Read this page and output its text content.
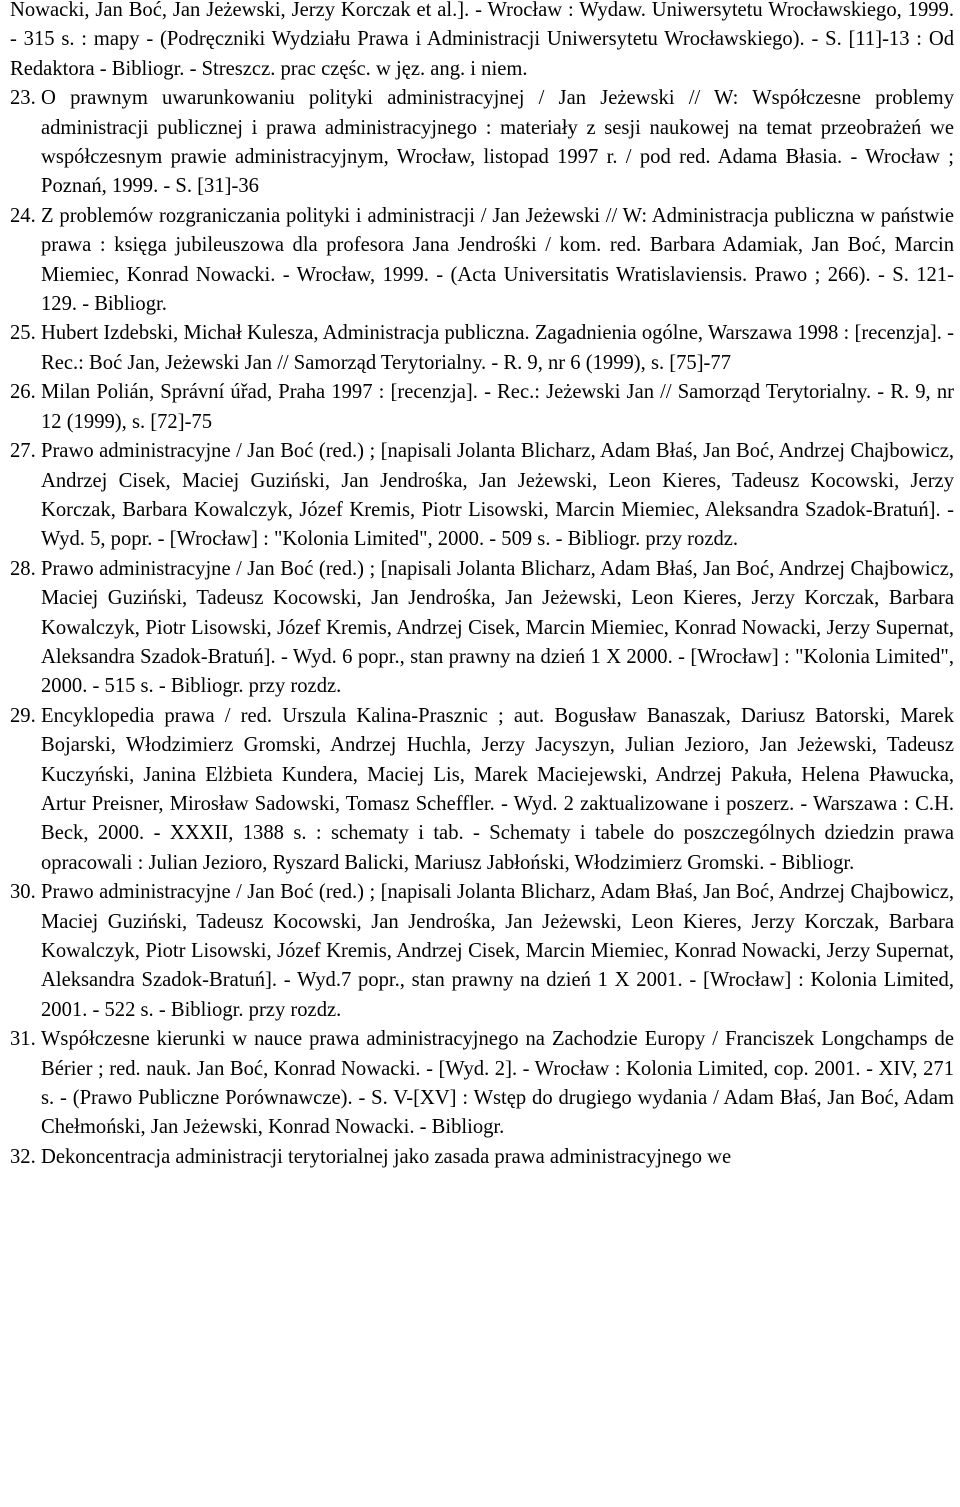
Nowacki, Jan Boć, Jan Jeżewski, Jerzy Korczak et al.]. - Wrocław : Wydaw. Uniwersytetu Wrocławskiego, 1999. - 315 s. : mapy - (Podręczniki Wydziału Prawa i Administracji Uniwersytetu Wrocławskiego). - S. [11]-13 : Od Redaktora - Bibliogr. - Streszcz. prac częśc. w jęz. ang. i niem.
23. O prawnym uwarunkowaniu polityki administracyjnej / Jan Jeżewski // W: Współczesne problemy administracji publicznej i prawa administracyjnego : materiały z sesji naukowej na temat przeobrażeń we współczesnym prawie administracyjnym, Wrocław, listopad 1997 r. / pod red. Adama Błasia. - Wrocław ; Poznań, 1999. - S. [31]-36
24. Z problemów rozgraniczania polityki i administracji / Jan Jeżewski // W: Administracja publiczna w państwie prawa : księga jubileuszowa dla profesora Jana Jendrośki / kom. red. Barbara Adamiak, Jan Boć, Marcin Miemiec, Konrad Nowacki. - Wrocław, 1999. - (Acta Universitatis Wratislaviensis. Prawo ; 266). - S. 121-129. - Bibliogr.
25. Hubert Izdebski, Michał Kulesza, Administracja publiczna. Zagadnienia ogólne, Warszawa 1998 : [recenzja]. - Rec.: Boć Jan, Jeżewski Jan // Samorząd Terytorialny. - R. 9, nr 6 (1999), s. [75]-77
26. Milan Polián, Správní úřad, Praha 1997 : [recenzja]. - Rec.: Jeżewski Jan // Samorząd Terytorialny. - R. 9, nr 12 (1999), s. [72]-75
27. Prawo administracyjne / Jan Boć (red.) ; [napisali Jolanta Blicharz, Adam Błaś, Jan Boć, Andrzej Chajbowicz, Andrzej Cisek, Maciej Guziński, Jan Jendrośka, Jan Jeżewski, Leon Kieres, Tadeusz Kocowski, Jerzy Korczak, Barbara Kowalczyk, Józef Kremis, Piotr Lisowski, Marcin Miemiec, Aleksandra Szadok-Bratuń]. - Wyd. 5, popr. - [Wrocław] : "Kolonia Limited", 2000. - 509 s. - Bibliogr. przy rozdz.
28. Prawo administracyjne / Jan Boć (red.) ; [napisali Jolanta Blicharz, Adam Błaś, Jan Boć, Andrzej Chajbowicz, Maciej Guziński, Tadeusz Kocowski, Jan Jendrośka, Jan Jeżewski, Leon Kieres, Jerzy Korczak, Barbara Kowalczyk, Piotr Lisowski, Józef Kremis, Andrzej Cisek, Marcin Miemiec, Konrad Nowacki, Jerzy Supernat, Aleksandra Szadok-Bratuń]. - Wyd. 6 popr., stan prawny na dzień 1 X 2000. - [Wrocław] : "Kolonia Limited", 2000. - 515 s. - Bibliogr. przy rozdz.
29. Encyklopedia prawa / red. Urszula Kalina-Prasznic ; aut. Bogusław Banaszak, Dariusz Batorski, Marek Bojarski, Włodzimierz Gromski, Andrzej Huchla, Jerzy Jacyszyn, Julian Jezioro, Jan Jeżewski, Tadeusz Kuczyński, Janina Elżbieta Kundera, Maciej Lis, Marek Maciejewski, Andrzej Pakuła, Helena Pławucka, Artur Preisner, Mirosław Sadowski, Tomasz Scheffler. - Wyd. 2 zaktualizowane i poszerz. - Warszawa : C.H. Beck, 2000. - XXXII, 1388 s. : schematy i tab. - Schematy i tabele do poszczególnych dziedzin prawa opracowali : Julian Jezioro, Ryszard Balicki, Mariusz Jabłoński, Włodzimierz Gromski. - Bibliogr.
30. Prawo administracyjne / Jan Boć (red.) ; [napisali Jolanta Blicharz, Adam Błaś, Jan Boć, Andrzej Chajbowicz, Maciej Guziński, Tadeusz Kocowski, Jan Jendrośka, Jan Jeżewski, Leon Kieres, Jerzy Korczak, Barbara Kowalczyk, Piotr Lisowski, Józef Kremis, Andrzej Cisek, Marcin Miemiec, Konrad Nowacki, Jerzy Supernat, Aleksandra Szadok-Bratuń]. - Wyd.7 popr., stan prawny na dzień 1 X 2001. - [Wrocław] : Kolonia Limited, 2001. - 522 s. - Bibliogr. przy rozdz.
31. Współczesne kierunki w nauce prawa administracyjnego na Zachodzie Europy / Franciszek Longchamps de Bérier ; red. nauk. Jan Boć, Konrad Nowacki. - [Wyd. 2]. - Wrocław : Kolonia Limited, cop. 2001. - XIV, 271 s. - (Prawo Publiczne Porównawcze). - S. V-[XV] : Wstęp do drugiego wydania / Adam Błaś, Jan Boć, Adam Chełmoński, Jan Jeżewski, Konrad Nowacki. - Bibliogr.
32. Dekoncentracja administracji terytorialnej jako zasada prawa administracyjnego we
